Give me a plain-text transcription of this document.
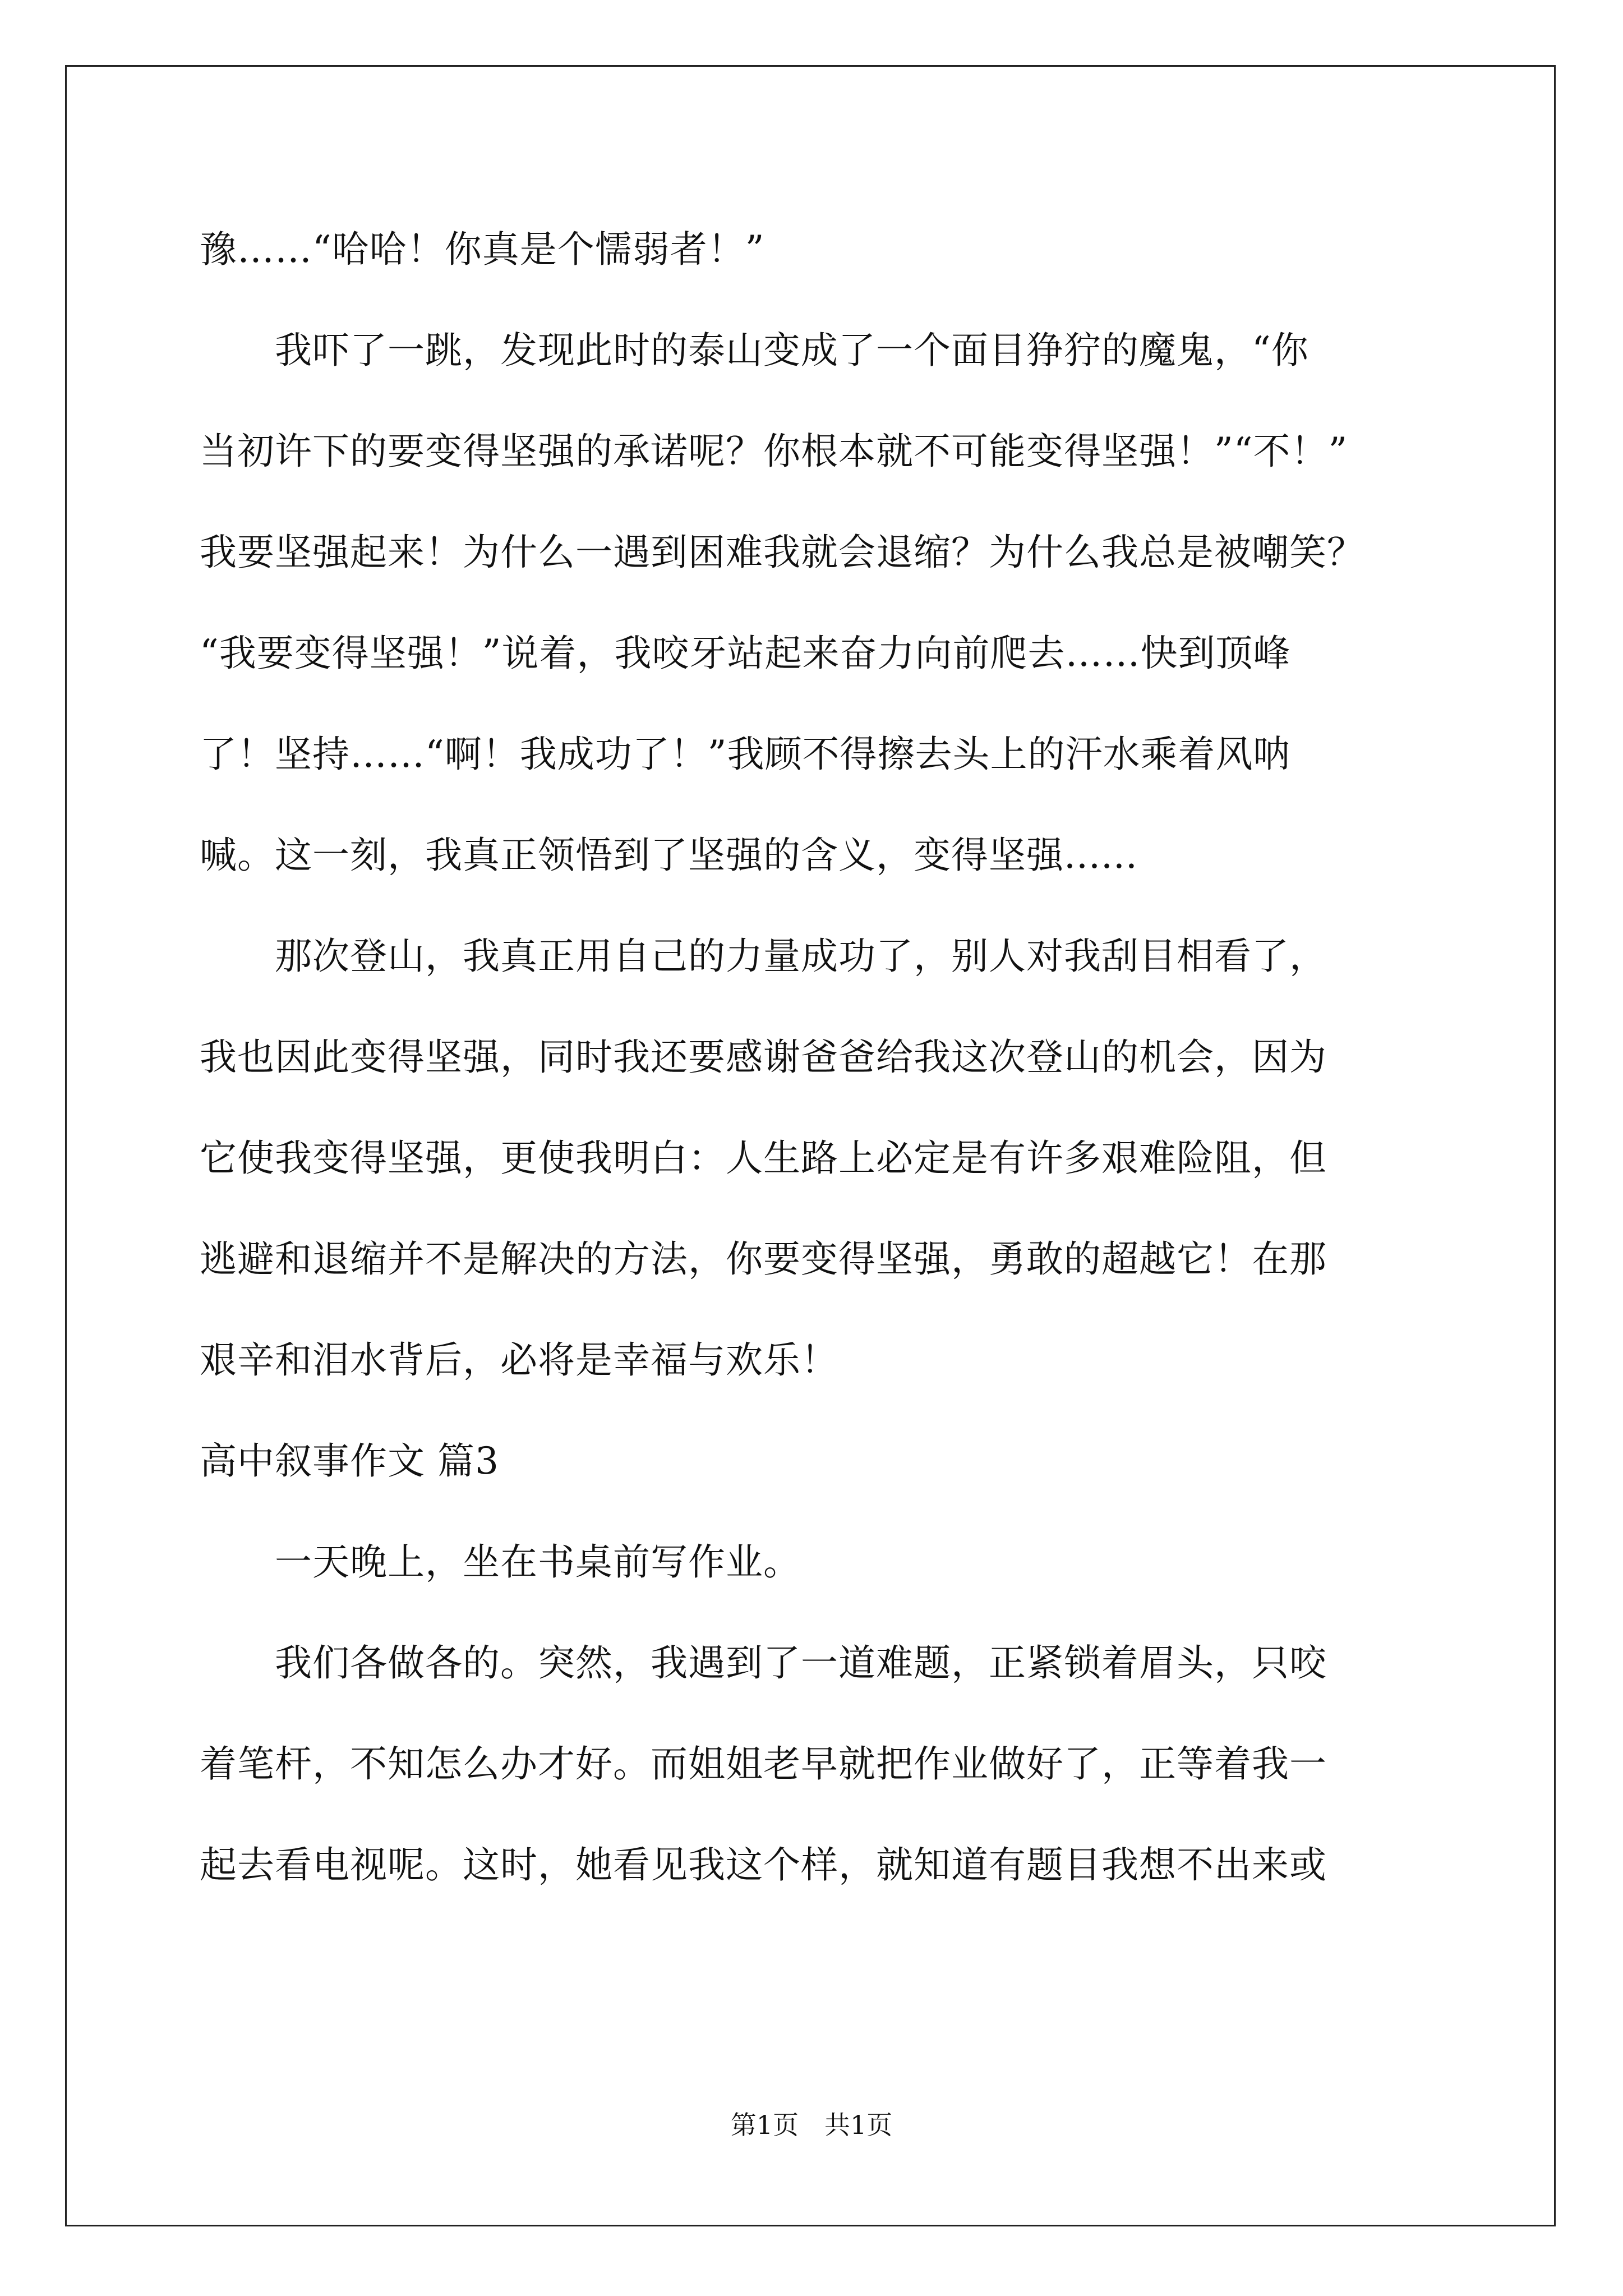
豫……“哈哈！你真是个懦弱者！”
　　我吓了一跳，发现此时的泰山变成了一个面目狰狞的魔鬼，“你
当初许下的要变得坚强的承诺呢？你根本就不可能变得坚强！”“不！”
我要坚强起来！为什么一遇到困难我就会退缩？为什么我总是被嘲笑？
“我要变得坚强！”说着，我咬牙站起来奋力向前爬去……快到顶峰
了！坚持……“啊！我成功了！”我顾不得擦去头上的汗水乘着风呐
喊。这一刻，我真正领悟到了坚强的含义，变得坚强......
　　那次登山，我真正用自己的力量成功了，别人对我刮目相看了，
我也因此变得坚强，同时我还要感谢爸爸给我这次登山的机会，因为
它使我变得坚强，更使我明白：人生路上必定是有许多艰难险阻，但
逃避和退缩并不是解决的方法，你要变得坚强，勇敢的超越它！在那
艰辛和泪水背后，必将是幸福与欢乐！
高中叙事作文 篇3
　　一天晚上，坐在书桌前写作业。
　　我们各做各的。突然，我遇到了一道难题，正紧锁着眉头，只咬
着笔杆，不知怎么办才好。而姐姐老早就把作业做好了，正等着我一
起去看电视呢。这时，她看见我这个样，就知道有题目我想不出来或
第1页　共1页
